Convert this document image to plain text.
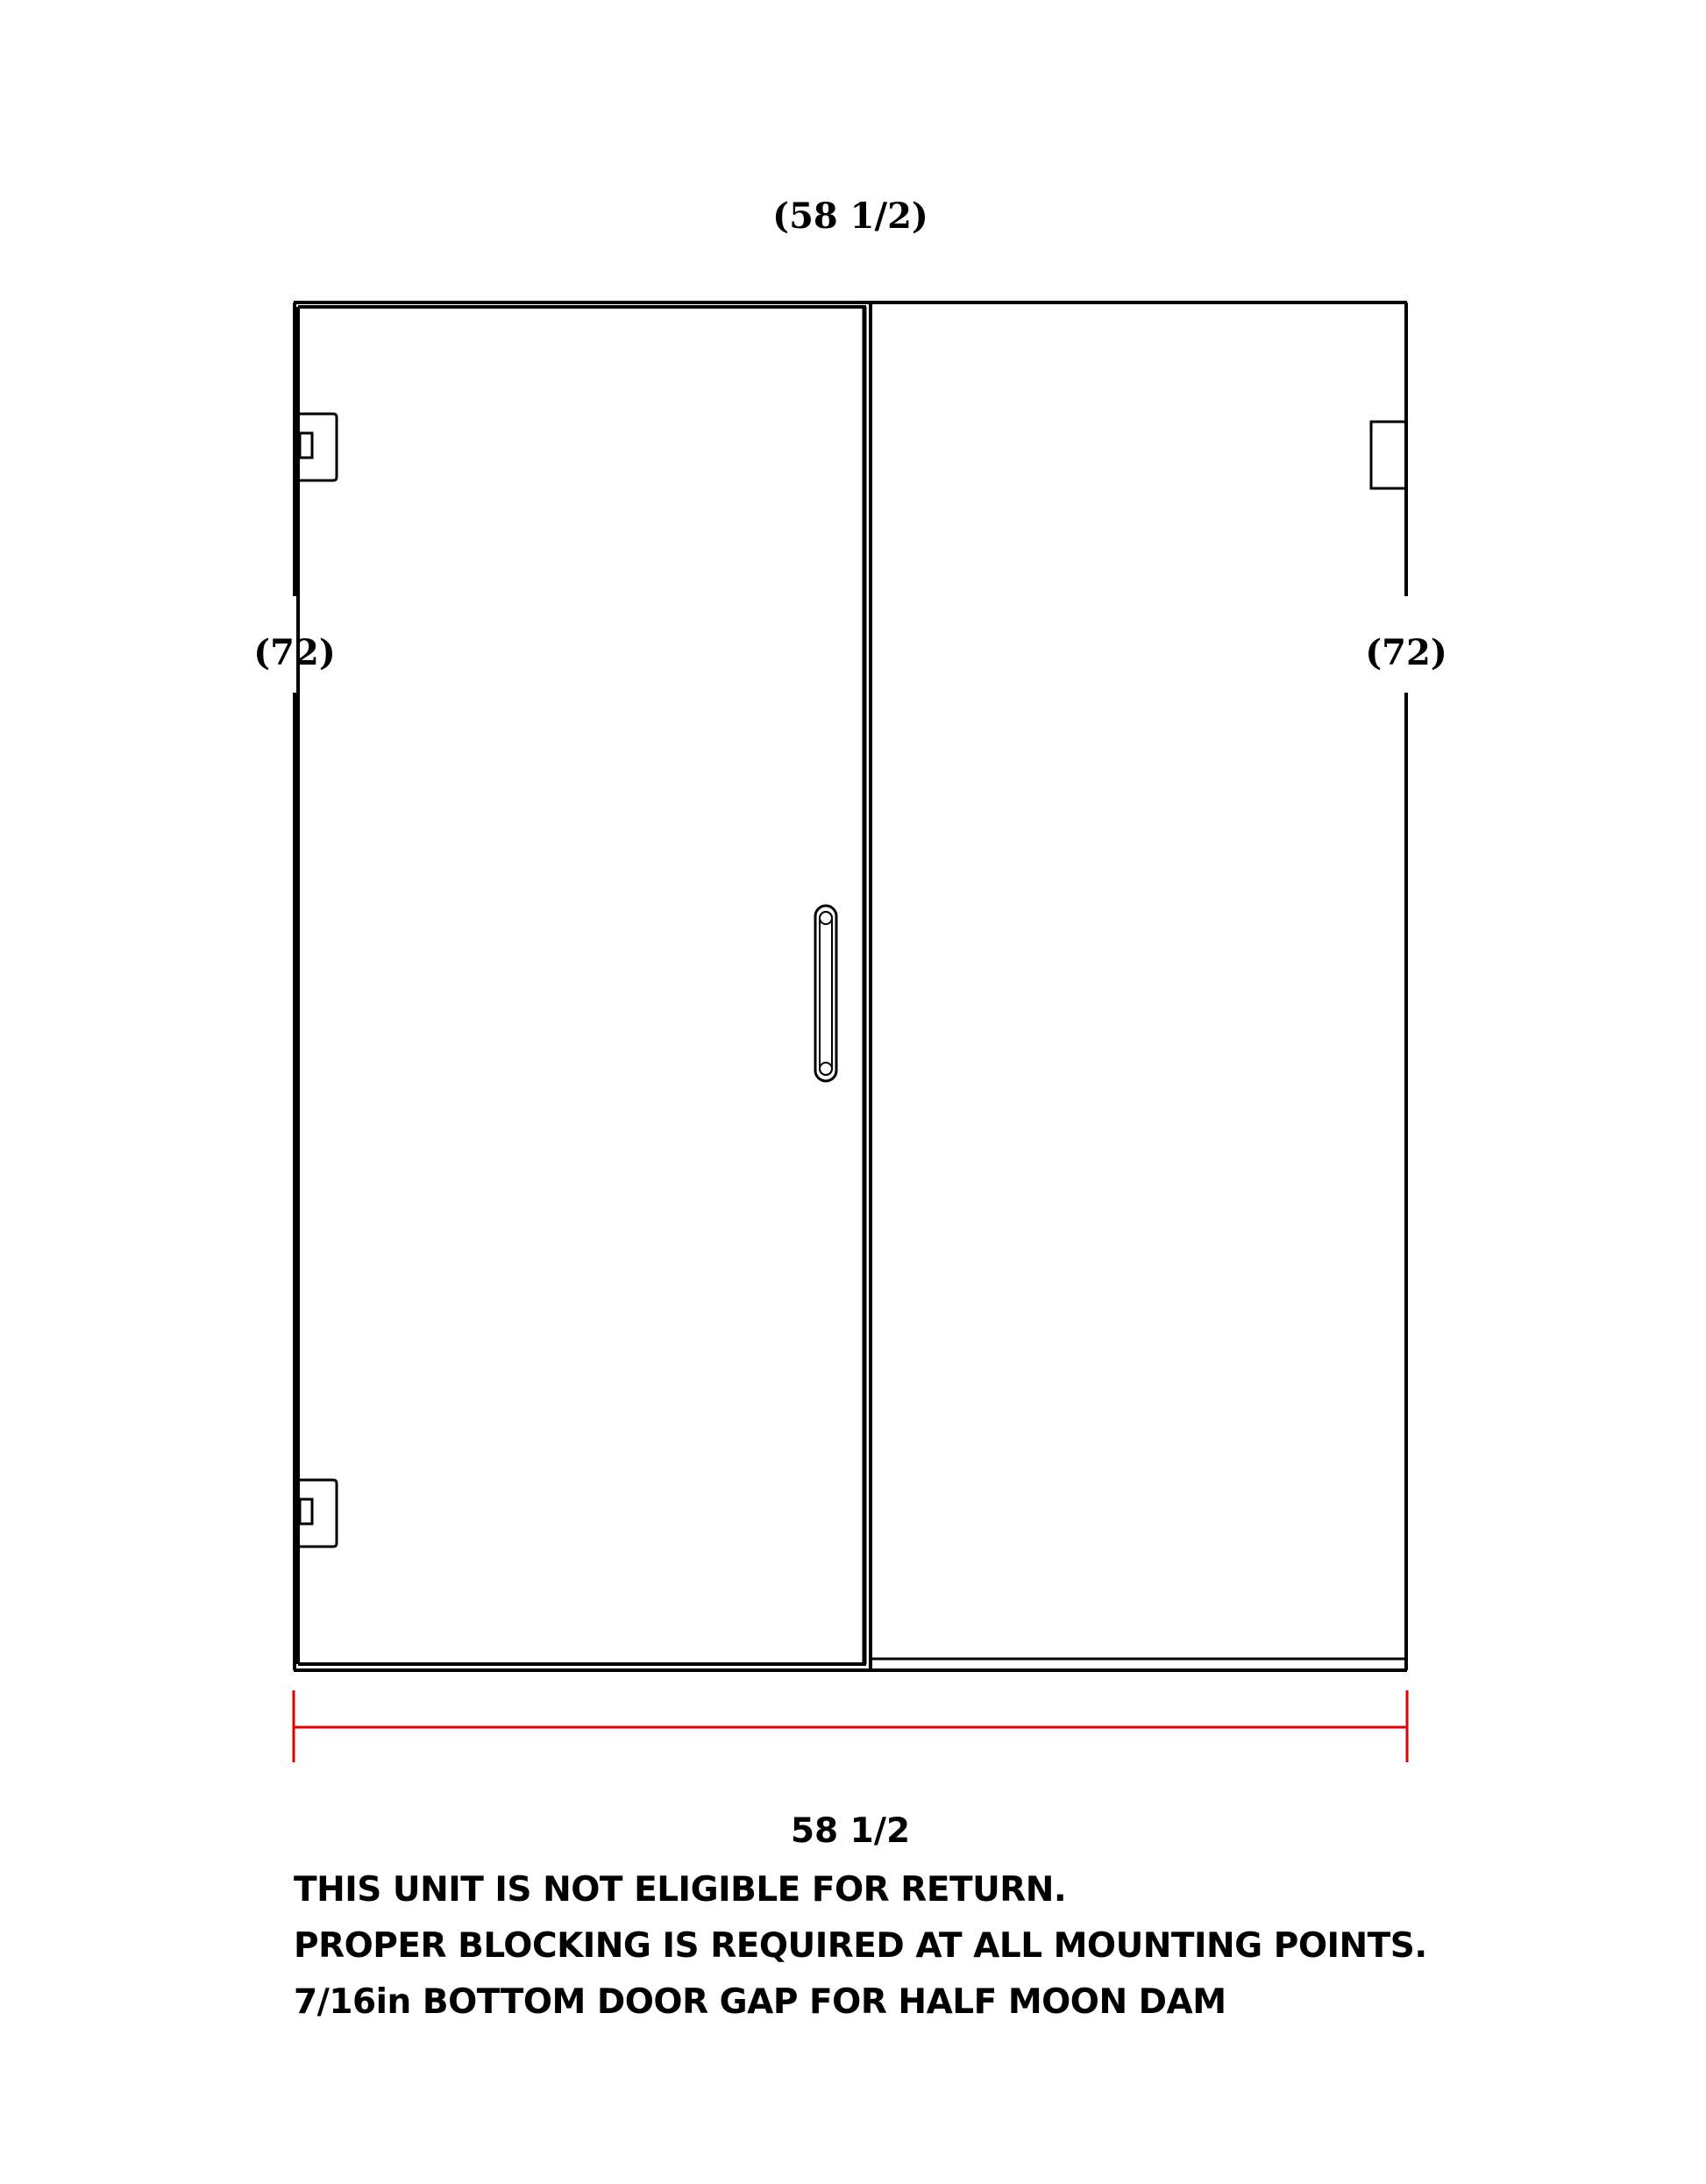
(58 1/2)
(72)	(72)
58 1/2
THIS UNIT IS NOT ELIGIBLE FOR RETURN.
PROPER BLOCKING IS REQUIRED AT ALL MOUNTING POINTS.
7/16in BOTTOM DOOR GAP FOR HALF MOON DAM
